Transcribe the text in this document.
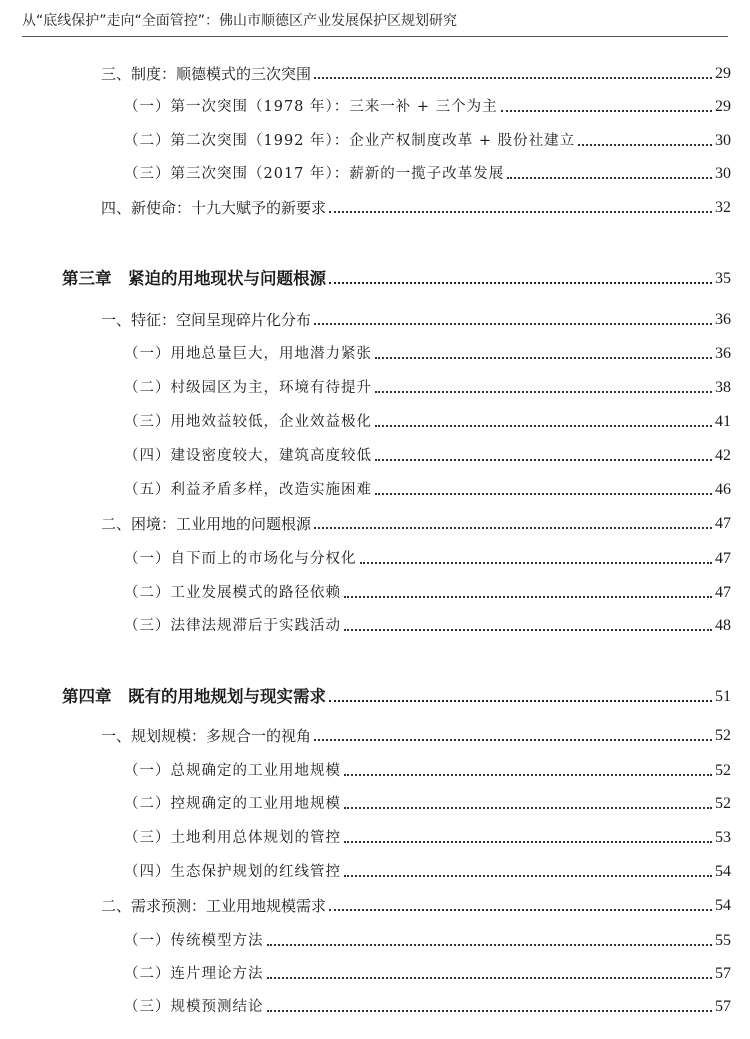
从“底线保护”走向“全面管控”：佛山市顺德区产业发展保护区规划研究
三、制度：顺德模式的三次突围	29
（一）第一次突围（1978 年）：三来一补 + 三个为主	29
（二）第二次突围（1992 年）：企业产权制度改革 + 股份社建立	30
（三）第三次突围（2017 年）：薪新的一揽子改革发展	30
四、新使命：十九大赋予的新要求	32
第三章　紧迫的用地现状与问题根源	35
一、特征：空间呈现碎片化分布	36
（一）用地总量巨大，用地潜力紧张	36
（二）村级园区为主，环境有待提升	38
（三）用地效益较低，企业效益极化	41
（四）建设密度较大，建筑高度较低	42
（五）利益矛盾多样，改造实施困难	46
二、困境：工业用地的问题根源	47
（一）自下而上的市场化与分权化	47
（二）工业发展模式的路径依赖	47
（三）法律法规滞后于实践活动	48
第四章　既有的用地规划与现实需求	51
一、规划规模：多规合一的视角	52
（一）总规确定的工业用地规模	52
（二）控规确定的工业用地规模	52
（三）土地利用总体规划的管控	53
（四）生态保护规划的红线管控	54
二、需求预测：工业用地规模需求	54
（一）传统模型方法	55
（二）连片理论方法	57
（三）规模预测结论	57
